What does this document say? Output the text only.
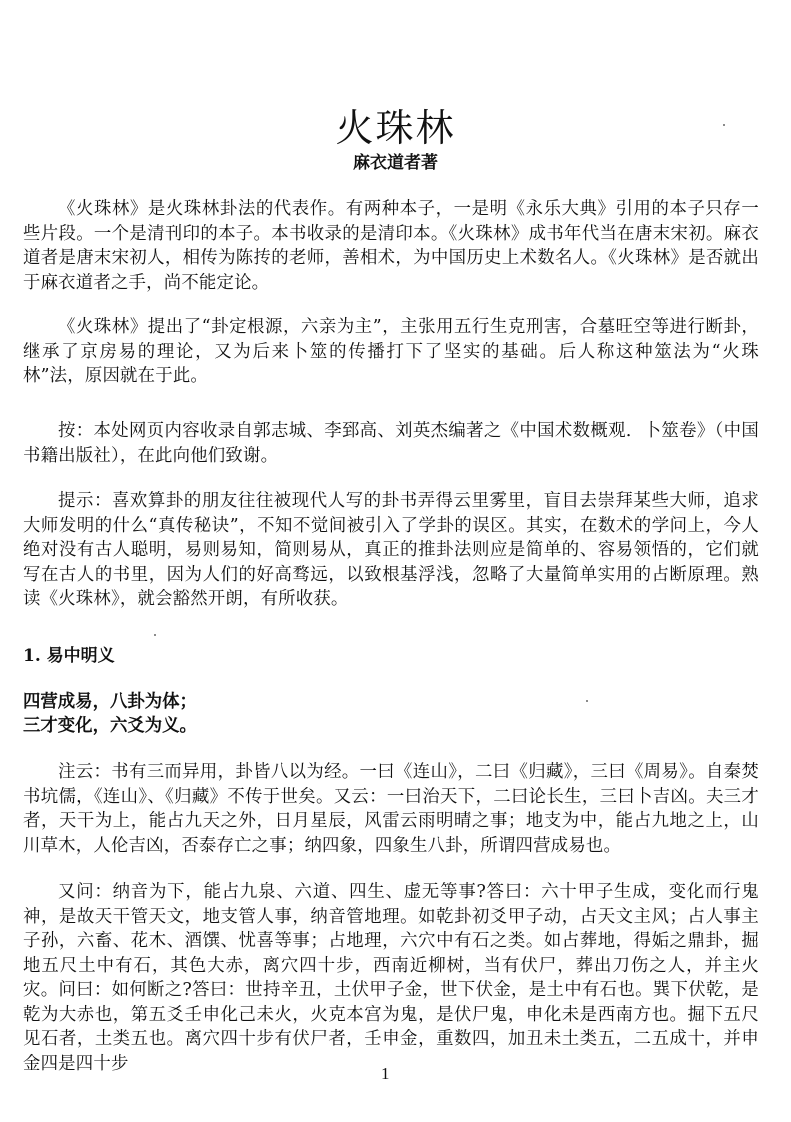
火珠林
麻衣道者著

《火珠林》是火珠林卦法的代表作。有两种本子，一是明《永乐大典》引用的本子只存一些片段。一个是清刊印的本子。本书收录的是清印本。《火珠林》成书年代当在唐末宋初。麻衣道者是唐末宋初人，相传为陈抟的老师，善相术，为中国历史上术数名人。《火珠林》是否就出于麻衣道者之手，尚不能定论。

《火珠林》提出了“卦定根源，六亲为主”，主张用五行生克刑害，合墓旺空等进行断卦，继承了京房易的理论，又为后来卜筮的传播打下了坚实的基础。后人称这种筮法为“火珠林”法，原因就在于此。

按：本处网页内容收录自郭志城、李郅高、刘英杰编著之《中国术数概观．卜筮卷》（中国书籍出版社），在此向他们致谢。

提示：喜欢算卦的朋友往往被现代人写的卦书弄得云里雾里，盲目去崇拜某些大师，追求大师发明的什么“真传秘诀”，不知不觉间被引入了学卦的误区。其实，在数术的学问上，今人绝对没有古人聪明，易则易知，简则易从，真正的推卦法则应是简单的、容易领悟的，它们就写在古人的书里，因为人们的好高骛远，以致根基浮浅，忽略了大量简单实用的占断原理。熟读《火珠林》，就会豁然开朗，有所收获。

1. 易中明义

四营成易，八卦为体；

三才变化，六爻为义。

注云：书有三而异用，卦皆八以为经。一曰《连山》，二曰《归藏》，三曰《周易》。自秦焚书坑儒，《连山》、《归藏》不传于世矣。又云：一曰治天下，二曰论长生，三曰卜吉凶。夫三才者，天干为上，能占九天之外，日月星辰，风雷云雨明晴之事；地支为中，能占九地之上，山川草木，人伦吉凶，否泰存亡之事；纳四象，四象生八卦，所谓四营成易也。

又问：纳音为下，能占九泉、六道、四生、虚无等事?答曰：六十甲子生成，变化而行鬼神，是故天干管天文，地支管人事，纳音管地理。如乾卦初爻甲子动，占天文主风；占人事主子孙，六畜、花木、酒馔、忧喜等事；占地理，六穴中有石之类。如占葬地，得姤之鼎卦，掘地五尺土中有石，其色大赤，离穴四十步，西南近柳树，当有伏尸，葬出刀伤之人，并主火灾。问曰：如何断之?答曰：世持辛丑，土伏甲子金，世下伏金，是土中有石也。巽下伏乾，是乾为大赤也，第五爻壬申化己未火，火克本宫为鬼，是伏尸鬼，申化未是西南方也。掘下五尺见石者，土类五也。离穴四十步有伏尸者，壬申金，重数四，加丑未土类五，二五成十，并申金四是四十步	1
